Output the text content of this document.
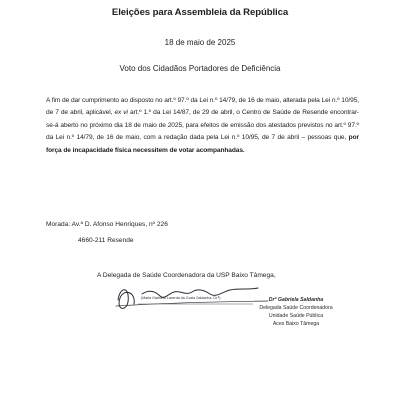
Eleições para Assembleia da República
18 de maio de 2025
Voto dos Cidadãos Portadores de Deficiência
A fim de dar cumprimento ao disposto no art.º 97.º da Lei n.º 14/79, de 16 de maio, alterada pela Lei n.º 10/95, de 7 de abril, aplicável, ex vi art.º 1.º da Lei 14/87, de 29 de abril, o Centro de Saúde de Resende encontrar-se-á aberto no próximo dia 18 de maio de 2025, para efeitos de emissão dos atestados previstos no art.º 97.º da Lei n.º 14/79, de 16 de maio, com a redação dada pela Lei n.º 10/95, de 7 de abril – pessoas que, por força de incapacidade física necessitem de votar acompanhadas.
Morada: Av.ª D. Afonso Henriques, nº 226
4660-211 Resende
A Delegada de Saúde Coordenadora da USP Baixo Tâmega,
(Maria Gabriela Lacerda da Costa Saldanha, Dr.ª)	Drª Gabriela Saldanha
Delegada Saúde Coordenadora
Unidade Saúde Pública
Aces Baixo Tâmega
